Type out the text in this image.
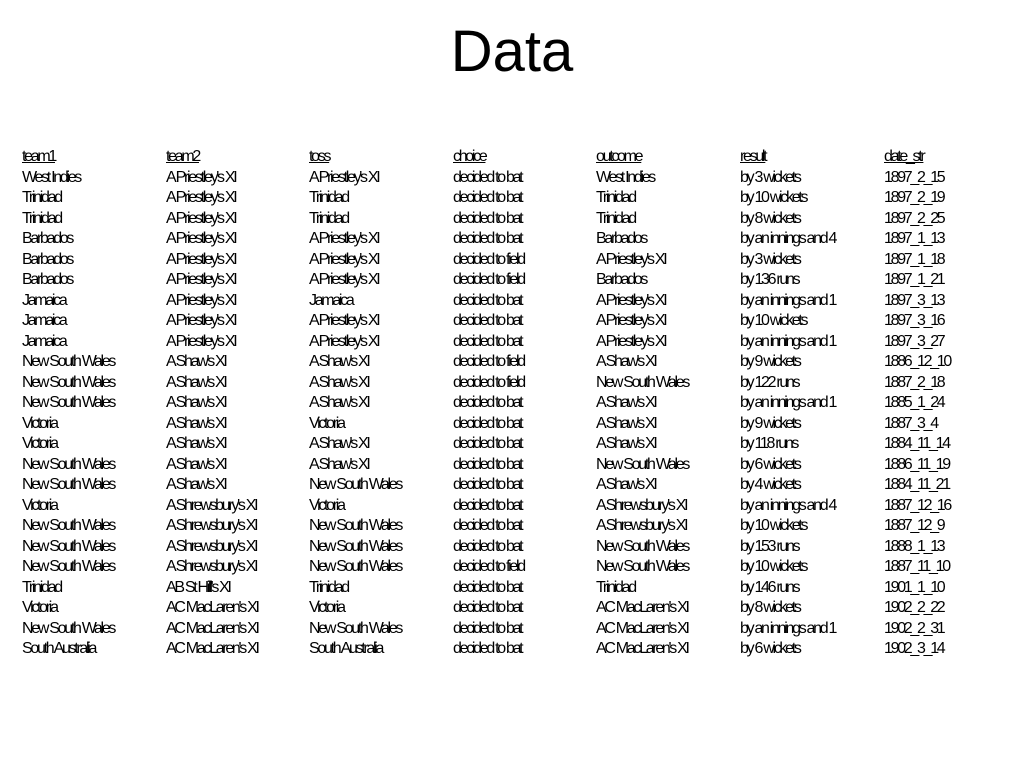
Data
team1	team2	toss	choice	outcome	result	date_str
West Indies	A Priestley's XI	A Priestley's XI	decided to bat	West Indies	by 3 wickets	1897_2_15
Trinidad	A Priestley's XI	Trinidad	decided to bat	Trinidad	by 10 wickets	1897_2_19
Trinidad	A Priestley's XI	Trinidad	decided to bat	Trinidad	by 8 wickets	1897_2_25
Barbados	A Priestley's XI	A Priestley's XI	decided to bat	Barbados	by an innings and 4	1897_1_13
Barbados	A Priestley's XI	A Priestley's XI	decided to field	A Priestley's XI	by 3 wickets	1897_1_18
Barbados	A Priestley's XI	A Priestley's XI	decided to field	Barbados	by 136 runs	1897_1_21
Jamaica	A Priestley's XI	Jamaica	decided to bat	A Priestley's XI	by an innings and 1	1897_3_13
Jamaica	A Priestley's XI	A Priestley's XI	decided to bat	A Priestley's XI	by 10 wickets	1897_3_16
Jamaica	A Priestley's XI	A Priestley's XI	decided to bat	A Priestley's XI	by an innings and 1	1897_3_27
New South Wales	A Shaw's XI	A Shaw's XI	decided to field	A Shaw's XI	by 9 wickets	1886_12_10
New South Wales	A Shaw's XI	A Shaw's XI	decided to field	New South Wales	by 122 runs	1887_2_18
New South Wales	A Shaw's XI	A Shaw's XI	decided to bat	A Shaw's XI	by an innings and 1	1885_1_24
Victoria	A Shaw's XI	Victoria	decided to bat	A Shaw's XI	by 9 wickets	1887_3_4
Victoria	A Shaw's XI	A Shaw's XI	decided to bat	A Shaw's XI	by 118 runs	1884_11_14
New South Wales	A Shaw's XI	A Shaw's XI	decided to bat	New South Wales	by 6 wickets	1886_11_19
New South Wales	A Shaw's XI	New South Wales	decided to bat	A Shaw's XI	by 4 wickets	1884_11_21
Victoria	A Shrewsbury's XI	Victoria	decided to bat	A Shrewsbury's XI	by an innings and 4	1887_12_16
New South Wales	A Shrewsbury's XI	New South Wales	decided to bat	A Shrewsbury's XI	by 10 wickets	1887_12_9
New South Wales	A Shrewsbury's XI	New South Wales	decided to bat	New South Wales	by 153 runs	1888_1_13
New South Wales	A Shrewsbury's XI	New South Wales	decided to field	New South Wales	by 10 wickets	1887_11_10
Trinidad	AB St Hill's XI	Trinidad	decided to bat	Trinidad	by 146 runs	1901_1_10
Victoria	AC MacLaren's XI	Victoria	decided to bat	AC MacLaren's XI	by 8 wickets	1902_2_22
New South Wales	AC MacLaren's XI	New South Wales	decided to bat	AC MacLaren's XI	by an innings and 1	1902_2_31
South Australia	AC MacLaren's XI	South Australia	decided to bat	AC MacLaren's XI	by 6 wickets	1902_3_14
